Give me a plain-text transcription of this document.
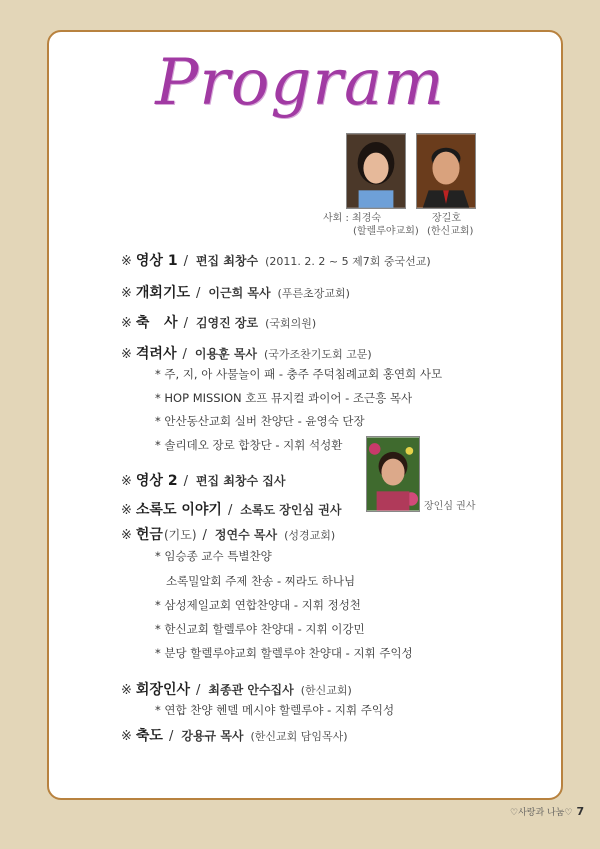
Program
사회 : 최경숙
(할렐루야교회)
장길호
(한신교회)
※ 영상 1 / 편집 최창수 (2011. 2. 2 ~ 5 제7회 중국선교)
※ 개회기도 / 이근희 목사 (푸른초장교회)
※ 축   사 / 김영진 장로 (국회의원)
※ 격려사 / 이용훈 목사 (국가조찬기도회 고문)
* 주, 지, 아 사물놀이 패 - 충주 주덕침례교회 홍연희 사모
* HOP MISSION 호프 뮤지컬 콰이어 - 조근흥 목사
* 안산동산교회 실버 찬양단 - 윤영숙 단장
* 솔리데오 장로 합창단 - 지휘 석성환
장인심 권사
※ 영상 2 / 편집 최창수 집사
※ 소록도 이야기 / 소록도 장인심 권사
※ 헌금 (기도) / 정연수 목사 (성경교회)
* 임승종 교수 특별찬양
소록밀알회 주제 찬송 - 찌라도 하나님
* 삼성제일교회 연합찬양대 - 지휘 정성천
* 한신교회 할렐루야 찬양대 - 지휘 이강민
* 분당 할렐루야교회 할렐루야 찬양대 - 지휘 주익성
※ 회장인사 / 최종관 안수집사 (한신교회)
* 연합 찬양 헨델 메시야 할렐루야 - 지휘 주익성
※ 축도 / 강용규 목사 (한신교회 담임목사)
♡사랑과 나눔♡ 7
